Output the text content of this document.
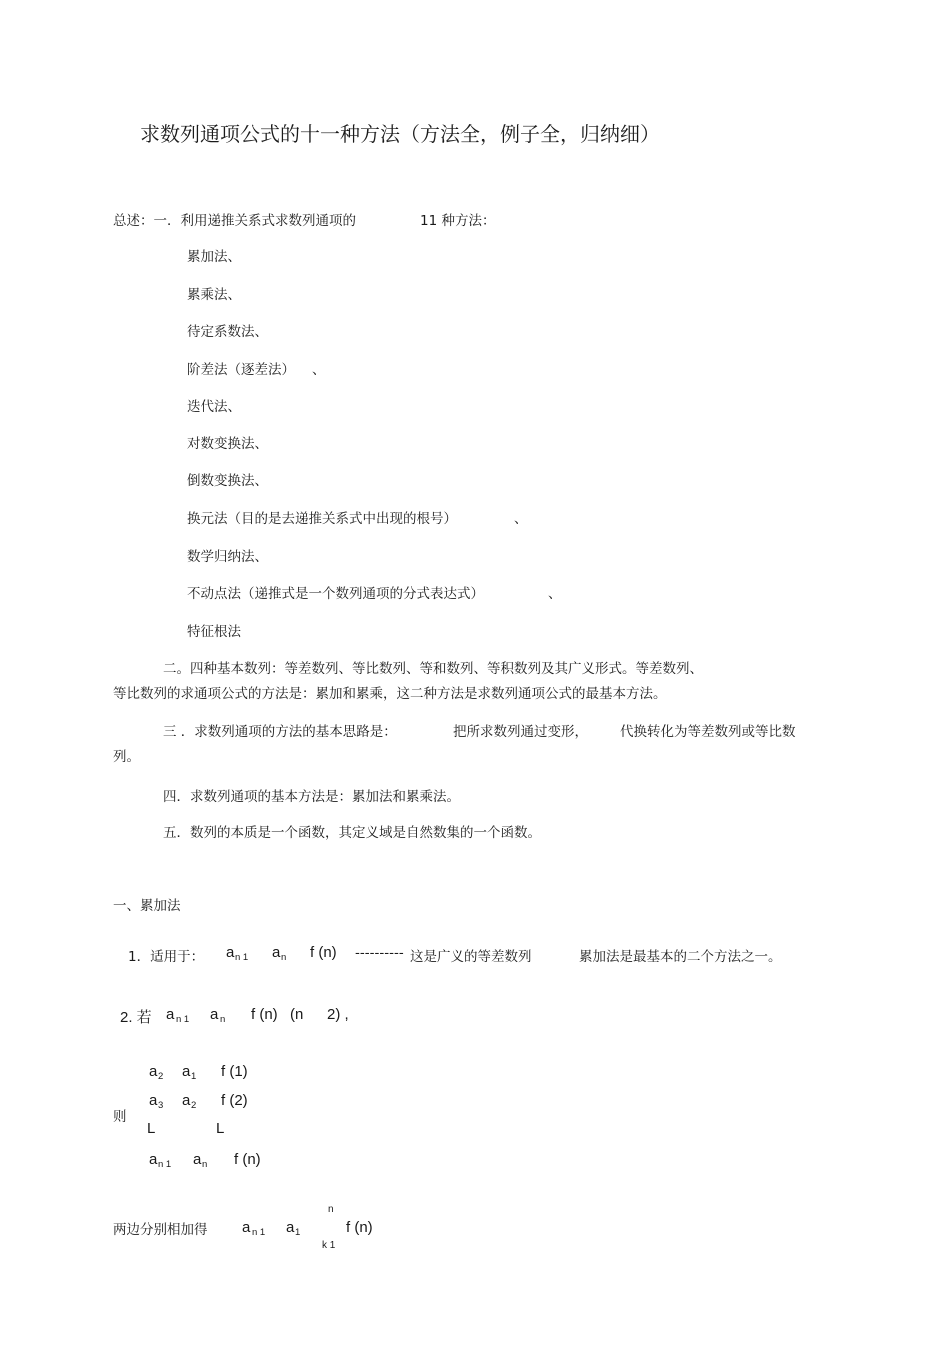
求数列通项公式的十一种方法（方法全，例子全，归纳细）
总述：一．利用递推关系式求数列通项的	11 种方法：
累加法、
累乘法、
待定系数法、
阶差法（逐差法） 、
迭代法、
对数变换法、
倒数变换法、
换元法（目的是去递推关系式中出现的根号）	、
数学归纳法、
不动点法（递推式是一个数列通项的分式表达式）	、
特征根法
二。四种基本数列：等差数列、等比数列、等和数列、等积数列及其广义形式。等差数列、
等比数列的求通项公式的方法是：累加和累乘，这二种方法是求数列通项公式的最基本方法。
三 ．求数列通项的方法的基本思路是：	把所求数列通过变形， 代换转化为等差数列或等比数
列。
四．求数列通项的基本方法是：累加法和累乘法。
五．数列的本质是一个函数，其定义域是自然数集的一个函数。
一、累加法
1．适用于： a n 1 a n f (n) ---------- 这是广义的等差数列	累加法是最基本的二个方法之一。
2. 若 a n 1 a n f (n) (n 2) ,
则
a 2 a 1 f (1)
a 3 a 2 f (2)
L	L
a n 1 a n f (n)
两边分别相加得 a n 1 a 1
n
k 1
f (n)
